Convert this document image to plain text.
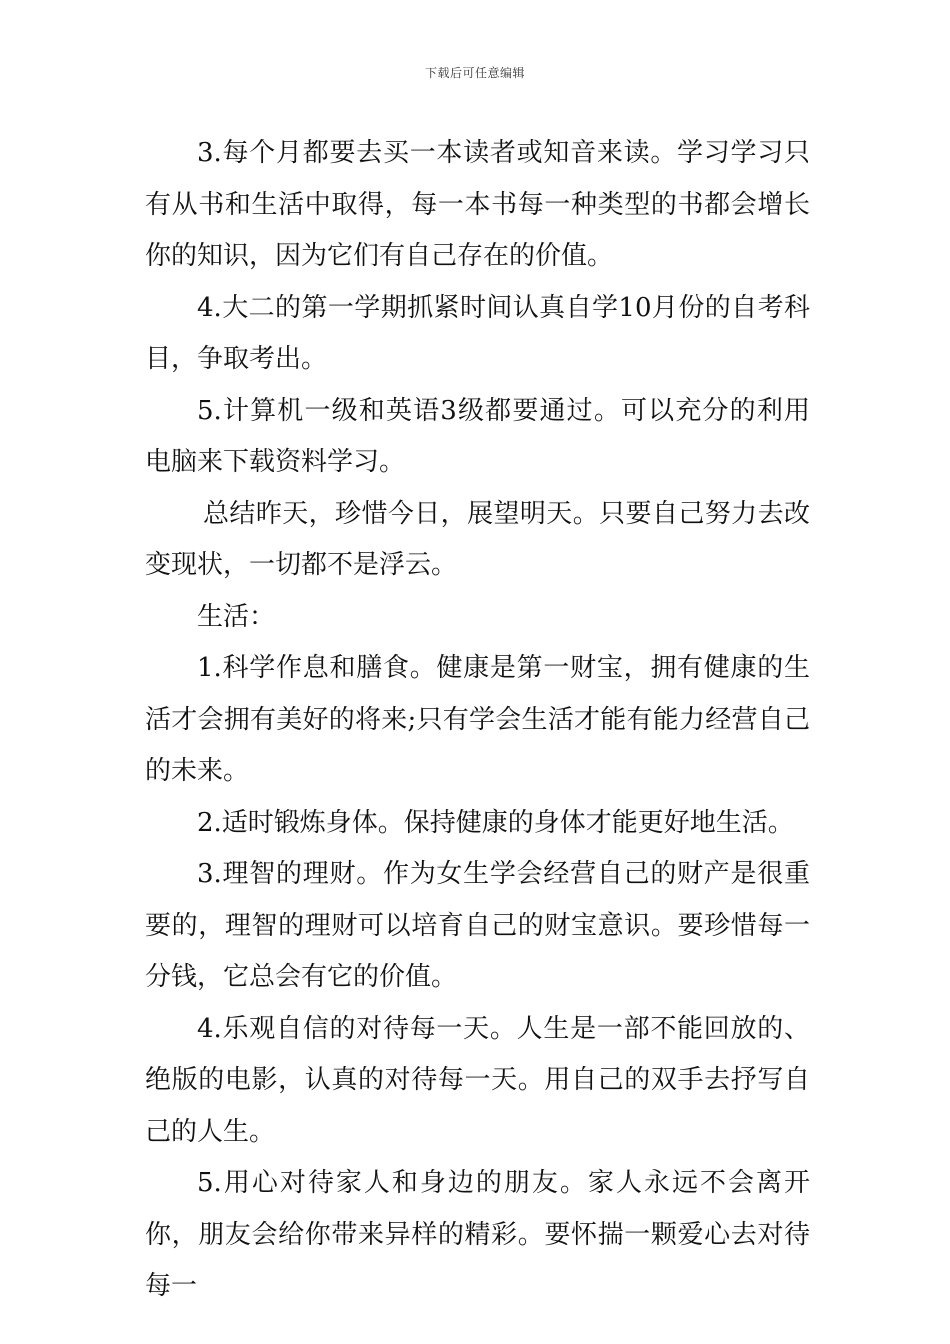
下载后可任意编辑

3.每个月都要去买一本读者或知音来读。学习学习只有从书和生活中取得，每一本书每一种类型的书都会增长你的知识，因为它们有自己存在的价值。

4.大二的第一学期抓紧时间认真自学10月份的自考科目，争取考出。

5.计算机一级和英语3级都要通过。可以充分的利用电脑来下载资料学习。

总结昨天，珍惜今日，展望明天。只要自己努力去改变现状，一切都不是浮云。

生活：

1.科学作息和膳食。健康是第一财宝，拥有健康的生活才会拥有美好的将来;只有学会生活才能有能力经营自己的未来。

2.适时锻炼身体。保持健康的身体才能更好地生活。

3.理智的理财。作为女生学会经营自己的财产是很重要的，理智的理财可以培育自己的财宝意识。要珍惜每一分钱，它总会有它的价值。

4.乐观自信的对待每一天。人生是一部不能回放的、绝版的电影，认真的对待每一天。用自己的双手去抒写自己的人生。

5.用心对待家人和身边的朋友。家人永远不会离开你，朋友会给你带来异样的精彩。要怀揣一颗爱心去对待每一
